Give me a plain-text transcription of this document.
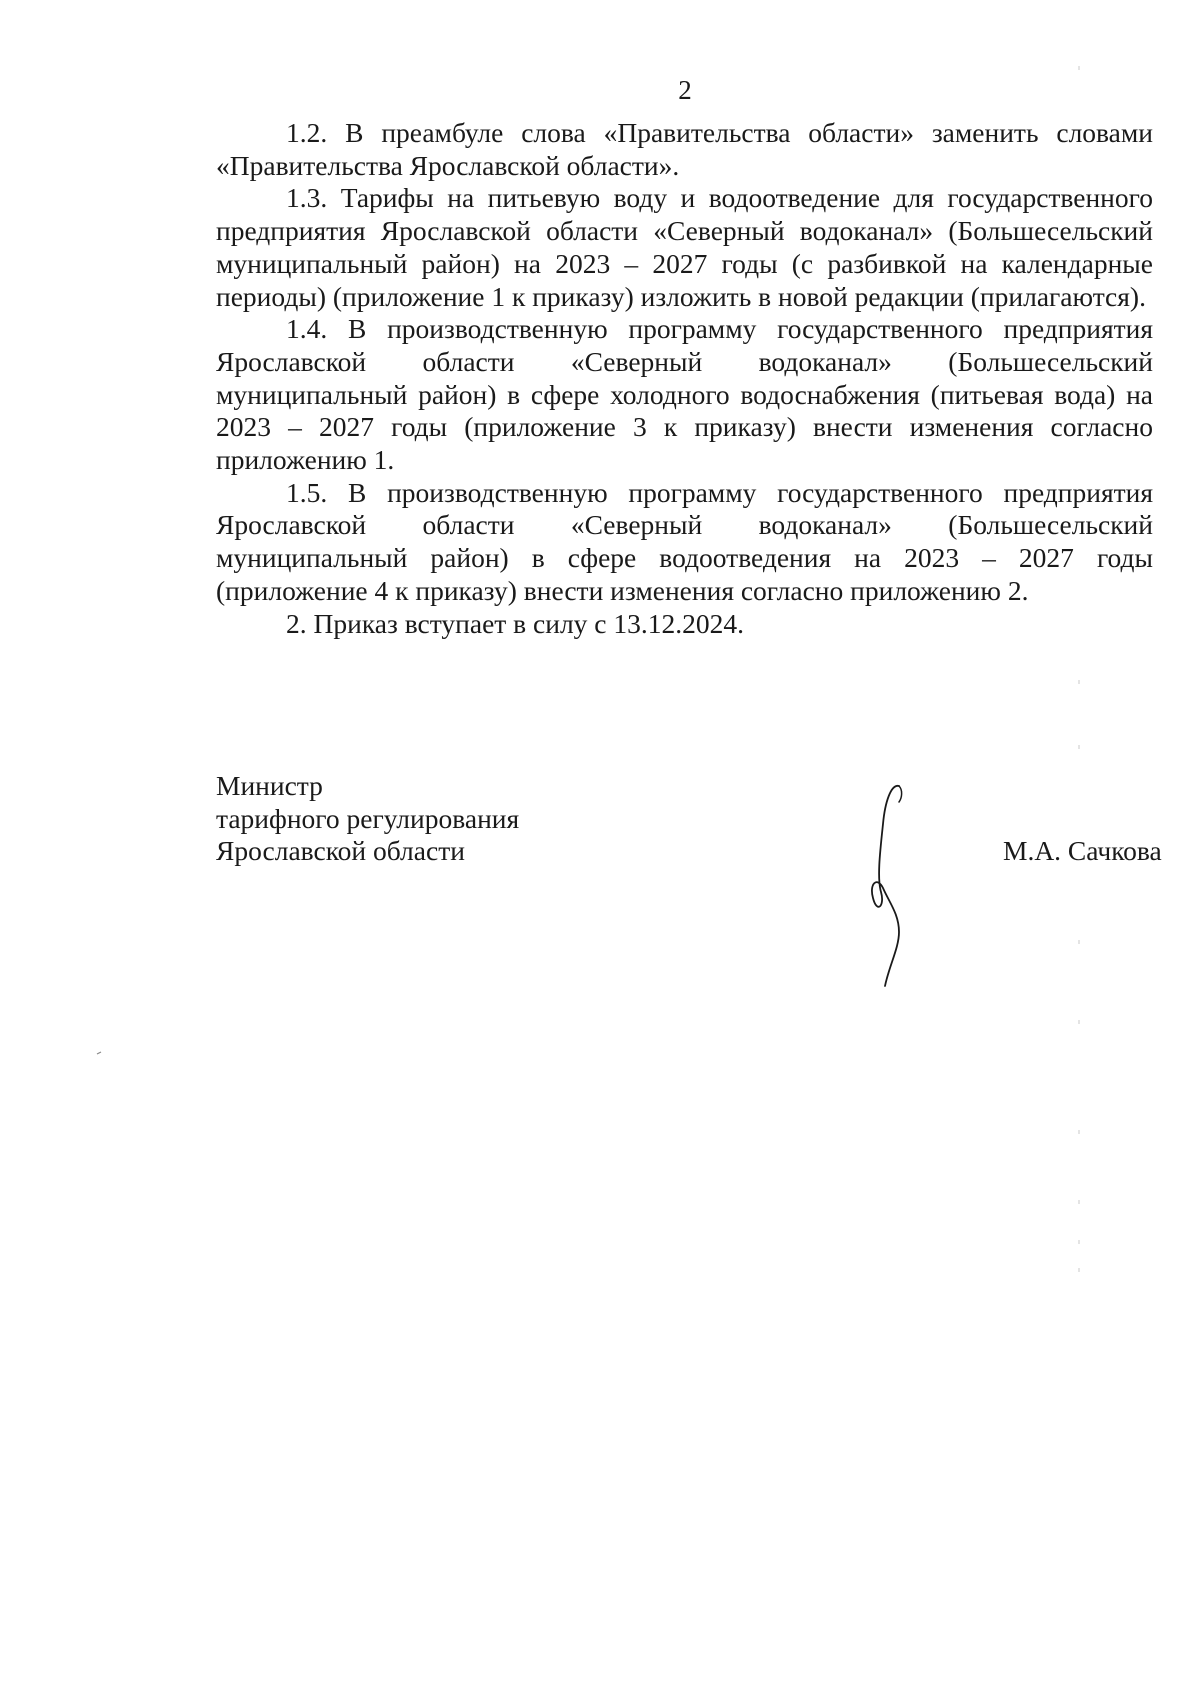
2

1.2. В преамбуле слова «Правительства области» заменить словами «Правительства Ярославской области».

1.3. Тарифы на питьевую воду и водоотведение для государственного предприятия Ярославской области «Северный водоканал» (Большесельский муниципальный район) на 2023 – 2027 годы (с разбивкой на календарные периоды) (приложение 1 к приказу) изложить в новой редакции (прилагаются).

1.4. В производственную программу государственного предприятия Ярославской области «Северный водоканал» (Большесельский муниципальный район) в сфере холодного водоснабжения (питьевая вода) на 2023 – 2027 годы (приложение 3 к приказу) внести изменения согласно приложению 1.

1.5. В производственную программу государственного предприятия Ярославской области «Северный водоканал» (Большесельский муниципальный район) в сфере водоотведения на 2023 – 2027 годы (приложение 4 к приказу) внести изменения согласно приложению 2.

2. Приказ вступает в силу с 13.12.2024.

Министр
тарифного регулирования
Ярославской области	М.А. Сачкова
